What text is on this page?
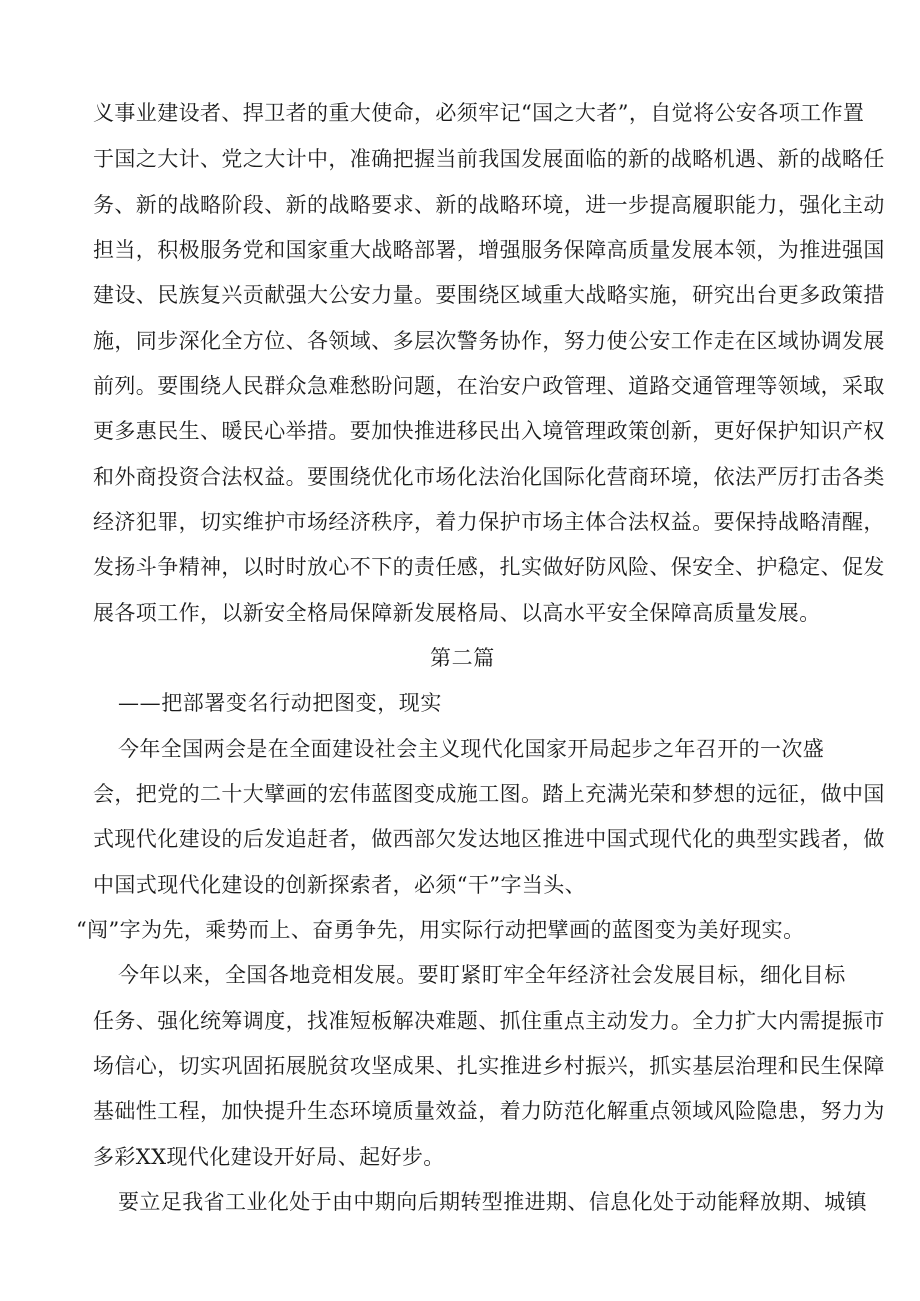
义事业建设者、捍卫者的重大使命，必须牢记“国之大者”，自觉将公安各项工作置
于国之大计、党之大计中，准确把握当前我国发展面临的新的战略机遇、新的战略任
务、新的战略阶段、新的战略要求、新的战略环境，进一步提高履职能力，强化主动
担当，积极服务党和国家重大战略部署，增强服务保障高质量发展本领，为推进强国
建设、民族复兴贡献强大公安力量。要围绕区域重大战略实施，研究出台更多政策措
施，同步深化全方位、各领域、多层次警务协作，努力使公安工作走在区域协调发展
前列。要围绕人民群众急难愁盼问题，在治安户政管理、道路交通管理等领域，采取
更多惠民生、暖民心举措。要加快推进移民出入境管理政策创新，更好保护知识产权
和外商投资合法权益。要围绕优化市场化法治化国际化营商环境，依法严厉打击各类
经济犯罪，切实维护市场经济秩序，着力保护市场主体合法权益。要保持战略清醒，
发扬斗争精神，以时时放心不下的责任感，扎实做好防风险、保安全、护稳定、促发
展各项工作，以新安全格局保障新发展格局、以高水平安全保障高质量发展。
第二篇
——把部署变名行动把图变，现实
今年全国两会是在全面建设社会主义现代化国家开局起步之年召开的一次盛
会，把党的二十大擘画的宏伟蓝图变成施工图。踏上充满光荣和梦想的远征，做中国
式现代化建设的后发追赶者，做西部欠发达地区推进中国式现代化的典型实践者，做
中国式现代化建设的创新探索者，必须“干”字当头、
“闯”字为先，乘势而上、奋勇争先，用实际行动把擘画的蓝图变为美好现实。
今年以来，全国各地竞相发展。要盯紧盯牢全年经济社会发展目标，细化目标
任务、强化统筹调度，找准短板解决难题、抓住重点主动发力。全力扩大内需提振市
场信心，切实巩固拓展脱贫攻坚成果、扎实推进乡村振兴，抓实基层治理和民生保障
基础性工程，加快提升生态环境质量效益，着力防范化解重点领域风险隐患，努力为
多彩XX现代化建设开好局、起好步。
要立足我省工业化处于由中期向后期转型推进期、信息化处于动能释放期、城镇
